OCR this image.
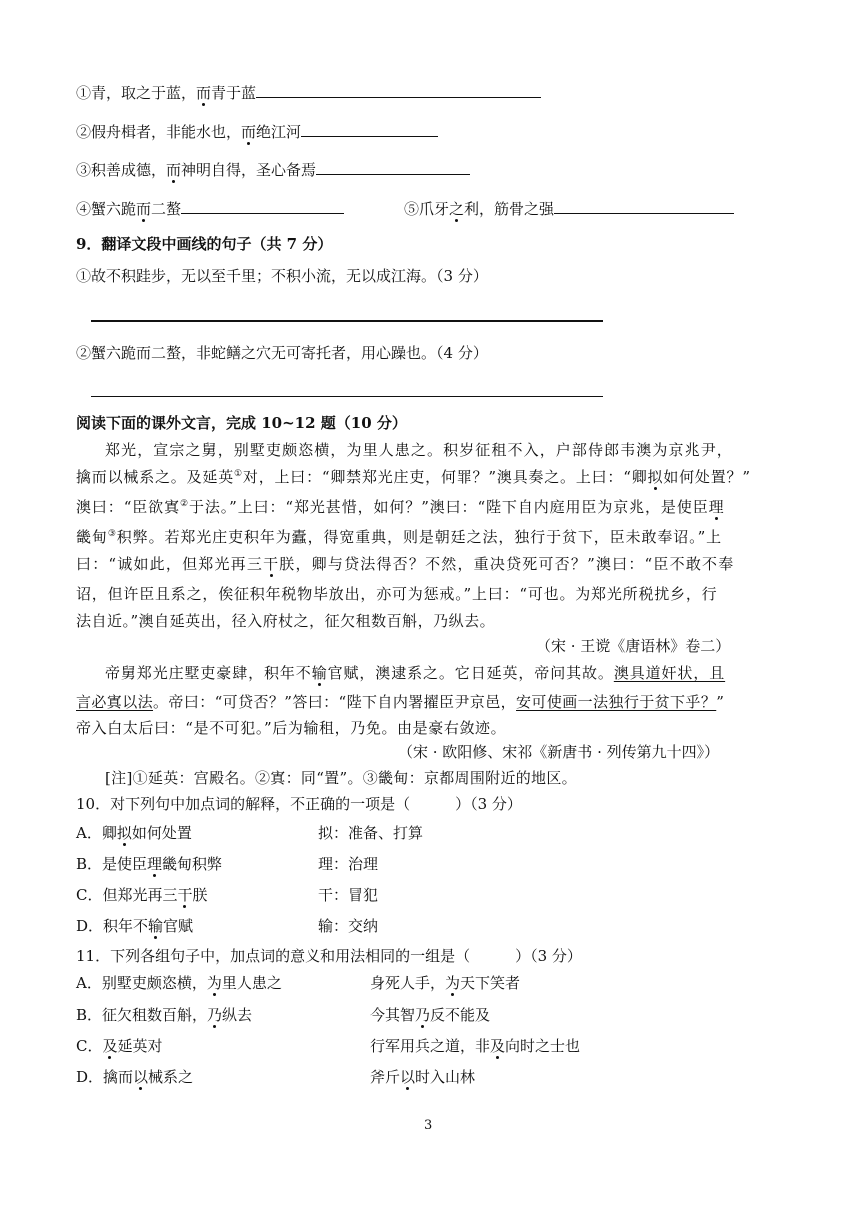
①青，取之于蓝，而青于蓝
②假舟楫者，非能水也，而绝江河
③积善成德，而神明自得，圣心备焉
④蟹六跪而二螯	⑤爪牙之利，筋骨之强
9．翻译文段中画线的句子（共 7 分）
①故不积跬步，无以至千里；不积小流，无以成江海。（3 分）
②蟹六跪而二螯，非蛇鳝之穴无可寄托者，用心躁也。（4 分）
阅读下面的课外文言，完成 10~12 题（10 分）
郑光，宣宗之舅，别墅吏颇恣横，为里人患之。积岁征租不入，户部侍郎韦澳为京兆尹，
擒而以械系之。及延英①对，上曰：“卿禁郑光庄吏，何罪？”澳具奏之。上曰：“卿拟如何处置？”
澳曰：“臣欲寘②于法。”上曰：“郑光甚惜，如何？”澳曰：“陛下自内庭用臣为京兆，是使臣理
畿甸③积弊。若郑光庄吏积年为蠹，得宽重典，则是朝廷之法，独行于贫下，臣未敢奉诏。”上
曰：“诚如此，但郑光再三干朕，卿与贷法得否？不然，重决贷死可否？”澳曰：“臣不敢不奉
诏，但许臣且系之，俟征积年税物毕放出，亦可为惩戒。”上曰：“可也。为郑光所税扰乡，行
法自近。”澳自延英出，径入府杖之，征欠租数百斛，乃纵去。
（宋 · 王谠《唐语林》卷二）
帝舅郑光庄墅吏豪肆，积年不输官赋，澳逮系之。它日延英，帝问其故。澳具道奸状，且
言必寘以法。帝曰：“可贷否？”答曰：“陛下自内署擢臣尹京邑，安可使画一法独行于贫下乎？”
帝入白太后曰：“是不可犯。”后为输租，乃免。由是豪右敛迹。
（宋 · 欧阳修、宋祁《新唐书 · 列传第九十四》）
[注]①延英：宫殿名。②寘：同“置”。③畿甸：京都周围附近的地区。
10．对下列句中加点词的解释，不正确的一项是（　　　）（3 分）
A．卿拟如何处置	拟：准备、打算
B．是使臣理畿甸积弊	理：治理
C．但郑光再三干朕	干：冒犯
D．积年不输官赋	输：交纳
11．下列各组句子中，加点词的意义和用法相同的一组是（　　　）（3 分）
A．别墅吏颇恣横，为里人患之	身死人手，为天下笑者
B．征欠租数百斛，乃纵去	今其智乃反不能及
C．及延英对	行军用兵之道，非及向时之士也
D．擒而以械系之	斧斤以时入山林
3
